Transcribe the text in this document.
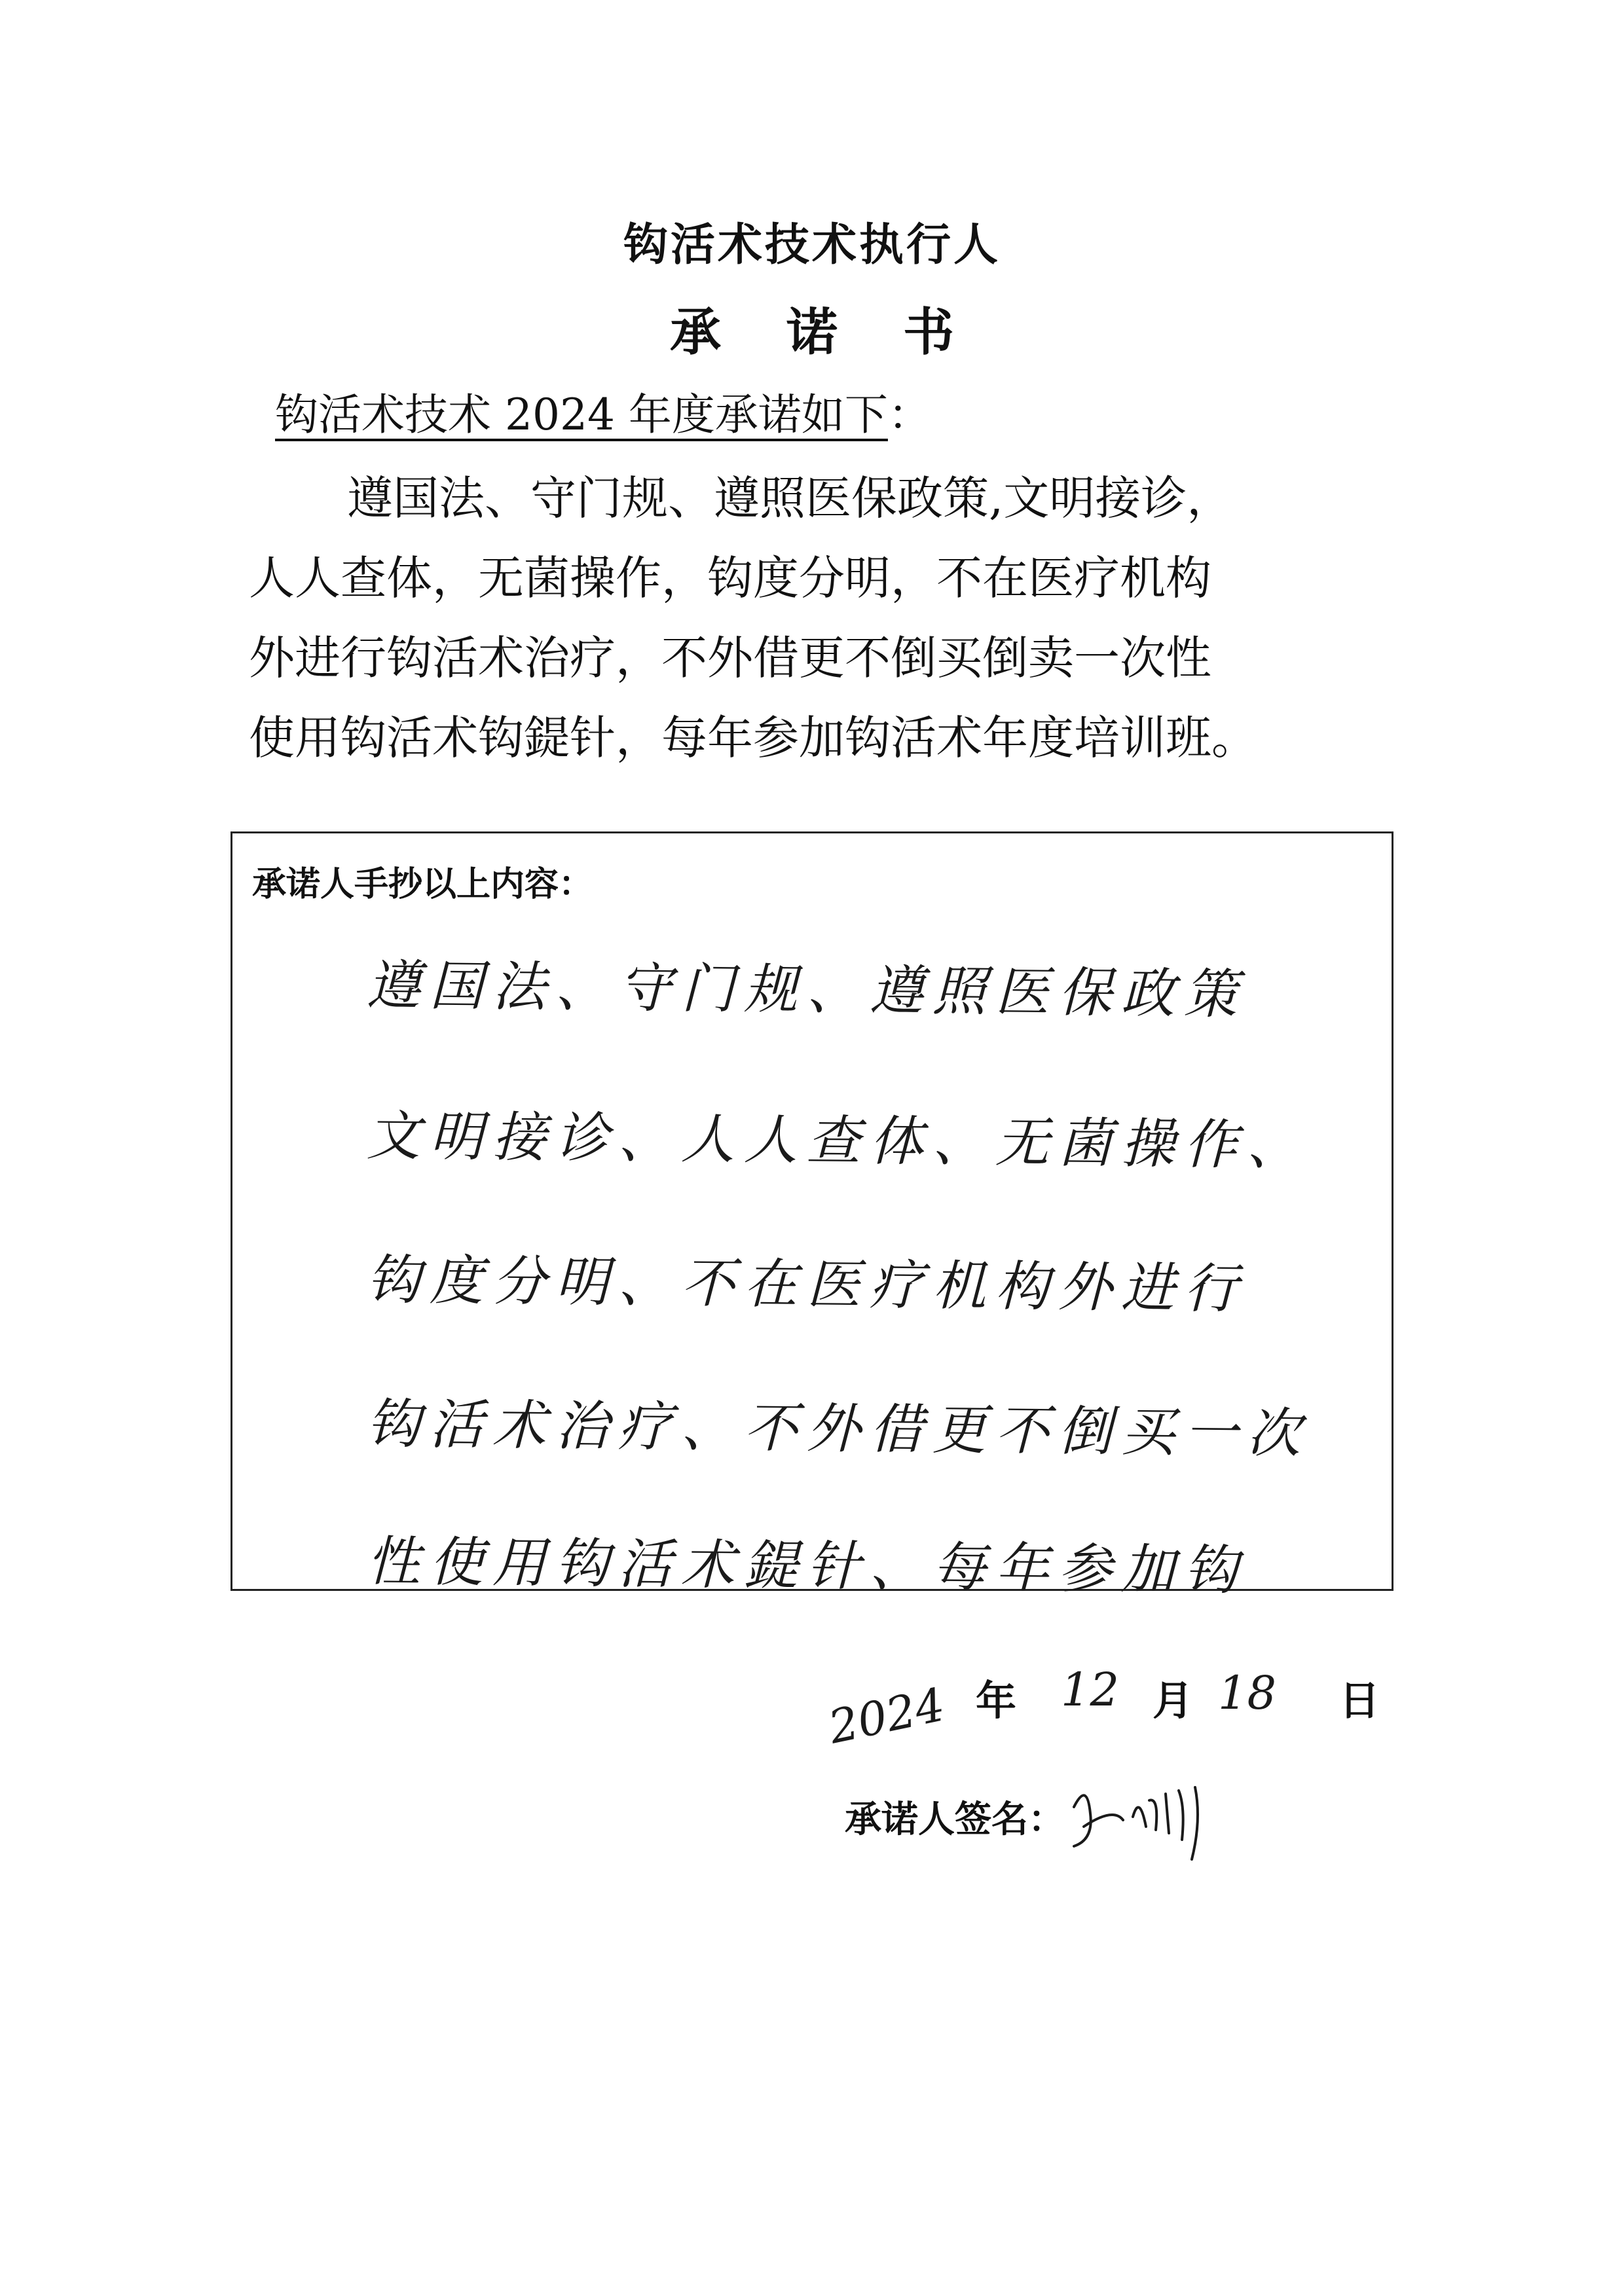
钩活术技术执行人
承诺书
钩活术技术 2024 年度承诺如下：
遵国法、守门规、遵照医保政策,文明接诊，
人人查体，无菌操作，钩度分明，不在医疗机构
外进行钩活术治疗，不外借更不倒买倒卖一次性
使用钩活术钩鍉针，每年参加钩活术年度培训班。
承诺人手抄以上内容：
遵国法、守门规、遵照医保政策
文明接诊、人人查体、无菌操作、
钩度分明、不在医疗机构外进行
钩活术治疗、不外借更不倒买一次
性使用钩活术鍉针、每年参加钩
承诺人签名：
2024 年 12 月 18 日
